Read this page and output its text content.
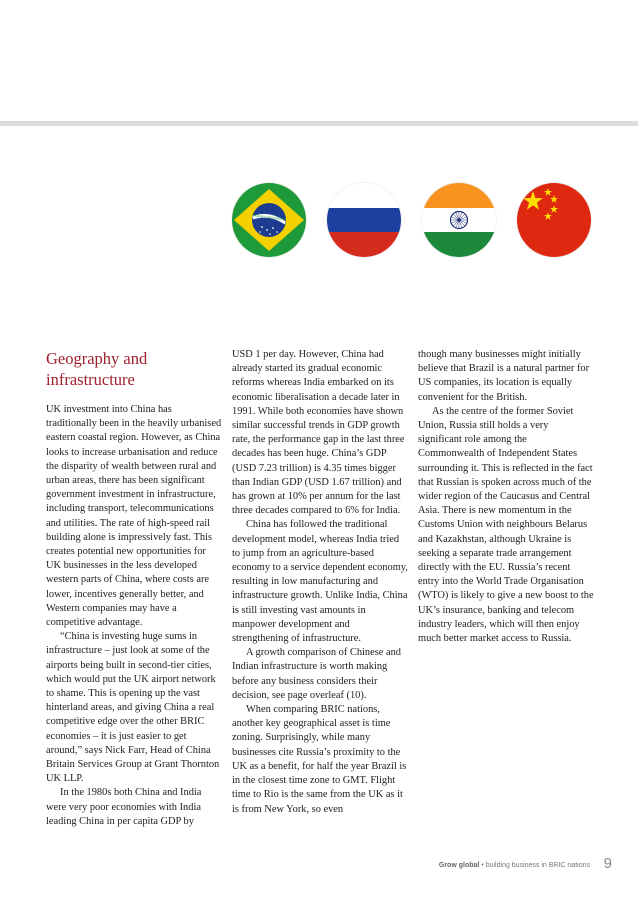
ORDEM E PROGRESSO
Geography and
infrastructure

UK investment into China has traditionally been in the heavily urbanised eastern coastal region. However, as China looks to increase urbanisation and reduce the disparity of wealth between rural and urban areas, there has been significant government investment in infrastructure, including transport, telecommunications and utilities. The rate of high-speed rail building alone is impressively fast. This creates potential new opportunities for UK businesses in the less developed western parts of China, where costs are lower, incentives generally better, and Western companies may have a competitive advantage.

“China is investing huge sums in infrastructure – just look at some of the airports being built in second-tier cities, which would put the UK airport network to shame. This is opening up the vast hinterland areas, and giving China a real competitive edge over the other BRIC economies – it is just easier to get around,” says Nick Farr, Head of China Britain Services Group at Grant Thornton UK LLP.

In the 1980s both China and India were very poor economies with India leading China in per capita GDP by

USD 1 per day. However, China had already started its gradual economic reforms whereas India embarked on its economic liberalisation a decade later in 1991. While both economies have shown similar successful trends in GDP growth rate, the performance gap in the last three decades has been huge. China’s GDP (USD 7.23 trillion) is 4.35 times bigger than Indian GDP (USD 1.67 trillion) and has grown at 10% per annum for the last three decades compared to 6% for India.

China has followed the traditional development model, whereas India tried to jump from an agriculture-based economy to a service dependent economy, resulting in low manufacturing and infrastructure growth. Unlike India, China is still investing vast amounts in manpower development and strengthening of infrastructure.

A growth comparison of Chinese and Indian infrastructure is worth making before any business considers their decision, see page overleaf (10).

When comparing BRIC nations, another key geographical asset is time zoning. Surprisingly, while many businesses cite Russia’s proximity to the UK as a benefit, for half the year Brazil is in the closest time zone to GMT. Flight time to Rio is the same from the UK as it is from New York, so even

though many businesses might initially believe that Brazil is a natural partner for US companies, its location is equally convenient for the British.

As the centre of the former Soviet Union, Russia still holds a very significant role among the Commonwealth of Independent States surrounding it. This is reflected in the fact that Russian is spoken across much of the wider region of the Caucasus and Central Asia. There is new momentum in the Customs Union with neighbours Belarus and Kazakhstan, although Ukraine is seeking a separate trade arrangement directly with the EU. Russia’s recent entry into the World Trade Organisation (WTO) is likely to give a new boost to the UK’s insurance, banking and telecom industry leaders, which will then enjoy much better market access to Russia.

Grow global • building business in BRIC nations 9
